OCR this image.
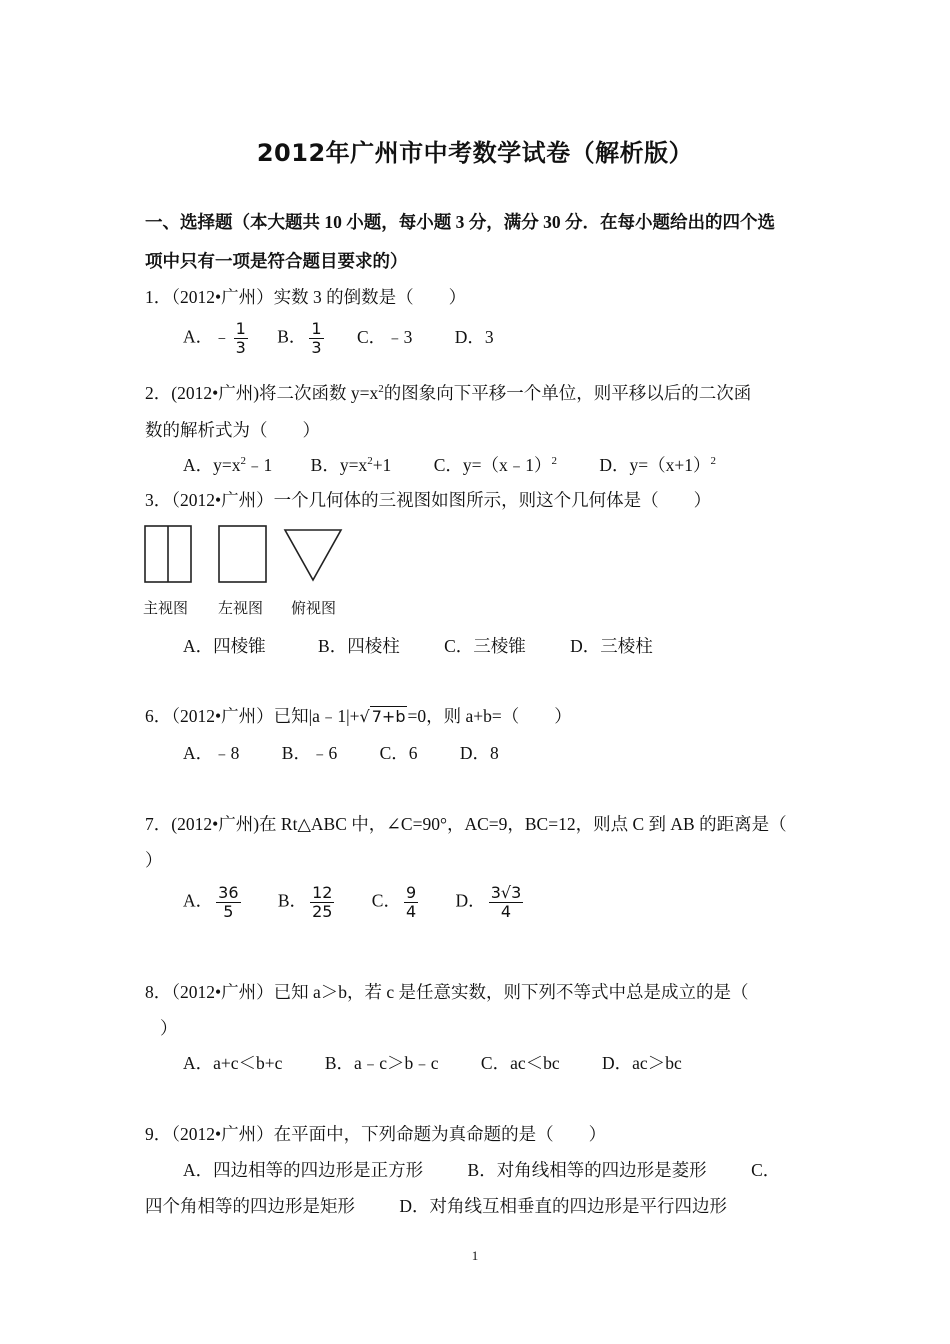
2012年广州市中考数学试卷（解析版）
一、选择题（本大题共 10 小题，每小题 3 分，满分 30 分．在每小题给出的四个选
项中只有一项是符合题目要求的）
1．（2012•广州）实数 3 的倒数是（　　）
A．﹣ $\frac{1}{3}$ B． $\frac{1}{3}$ C．﹣3 D．3
2．(2012•广州)将二次函数 $y=x^2$的图象向下平移一个单位，则平移以后的二次函
数的解析式为（　　）
A．$y=x^2﹣1$ B．$y=x^2+1$ C．y=（x﹣1）$^2$ D．$y=(x+1)^2$
3．（2012•广州）一个几何体的三视图如图所示，则这个几何体是（　　）
主视图 左视图 俯视图
A．四棱锥	B．四棱柱	C．三棱锥	D．三棱柱
6．（2012•广州）已知|a﹣1|+√ 7+b =0，则 a+b=（　　）
A．﹣8 B．﹣6 C．6 D．8
7．(2012•广州)在 Rt△ABC 中，∠C=90°，AC=9，BC=12，则点 C 到 AB 的距离是（
）
A． $\frac{36}{5}$ B． $\frac{12}{25}$ C． $\frac{9}{4}$ D． $\frac{3√3}{4}$
8．（2012•广州）已知 a＞b，若 c 是任意实数，则下列不等式中总是成立的是（
）
A．a+c＜b+c B．a﹣c＞b﹣c C．ac＜bc D．ac＞bc
9．（2012•广州）在平面中，下列命题为真命题的是（　　）
A．四边相等的四边形是正方形	B．对角线相等的四边形是菱形	C．
四个角相等的四边形是矩形	D．对角线互相垂直的四边形是平行四边形
1
